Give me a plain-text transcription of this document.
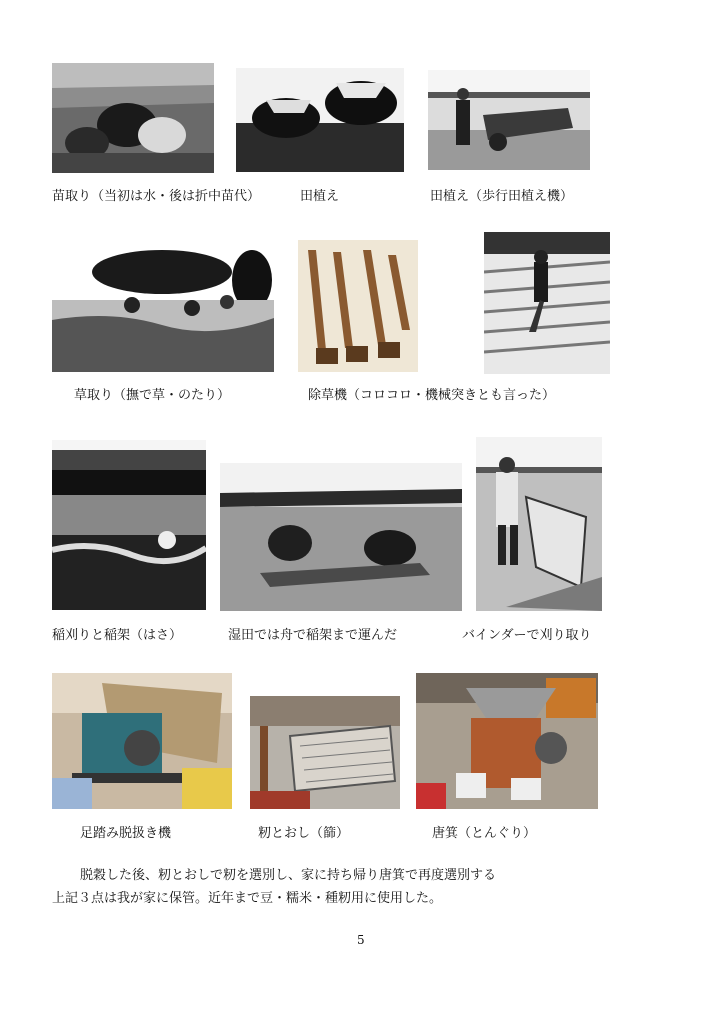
苗取り（当初は水・後は折中苗代）	田植え	田植え（歩行田植え機）
草取り（撫で草・のたり）	除草機（コロコロ・機械突きとも言った）
稲刈りと稲架（はさ）	湿田では舟で稲架まで運んだ	バインダーで刈り取り
足踏み脱扱き機	籾とおし（篩）	唐箕（とんぐり）
脱穀した後、籾とおしで籾を選別し、家に持ち帰り唐箕で再度選別する
上記３点は我が家に保管。近年まで豆・糯米・種籾用に使用した。
5
